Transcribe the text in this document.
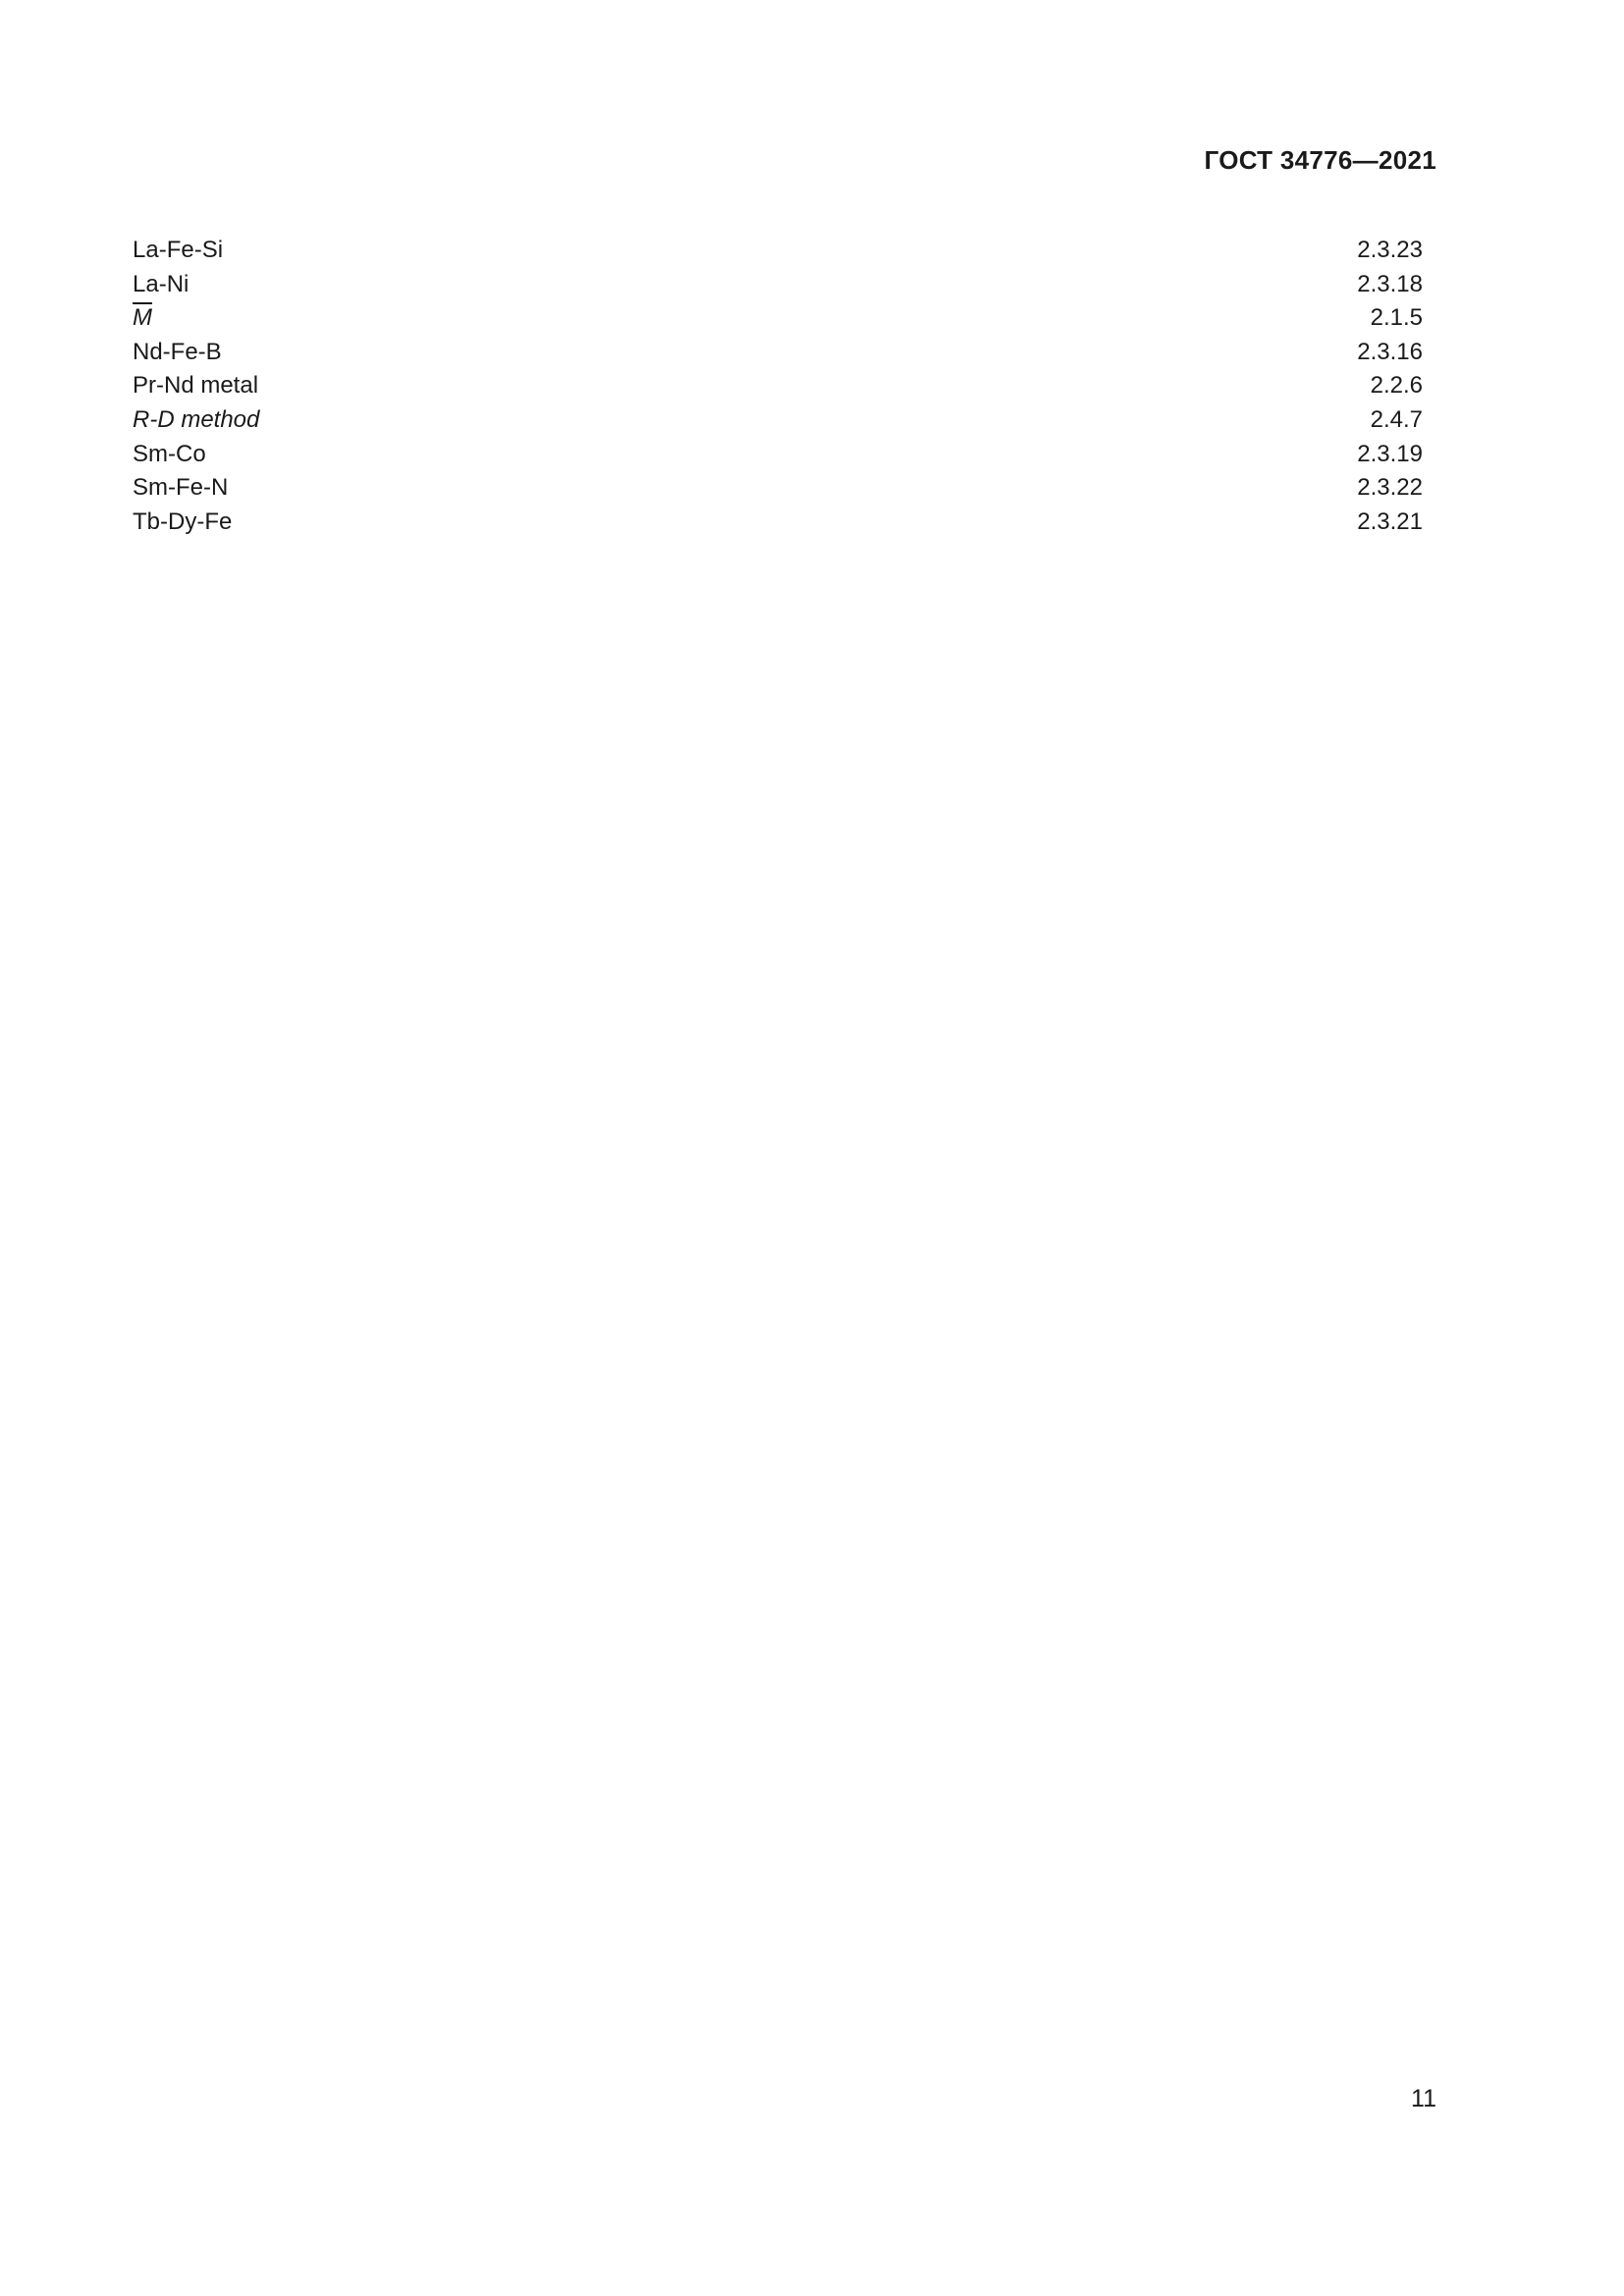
ГОСТ 34776—2021
La-Fe-Si	2.3.23
La-Ni	2.3.18
$\overline{M}$	2.1.5
Nd-Fe-B	2.3.16
Pr-Nd metal	2.2.6
R-D method	2.4.7
Sm-Co	2.3.19
Sm-Fe-N	2.3.22
Tb-Dy-Fe	2.3.21
11
